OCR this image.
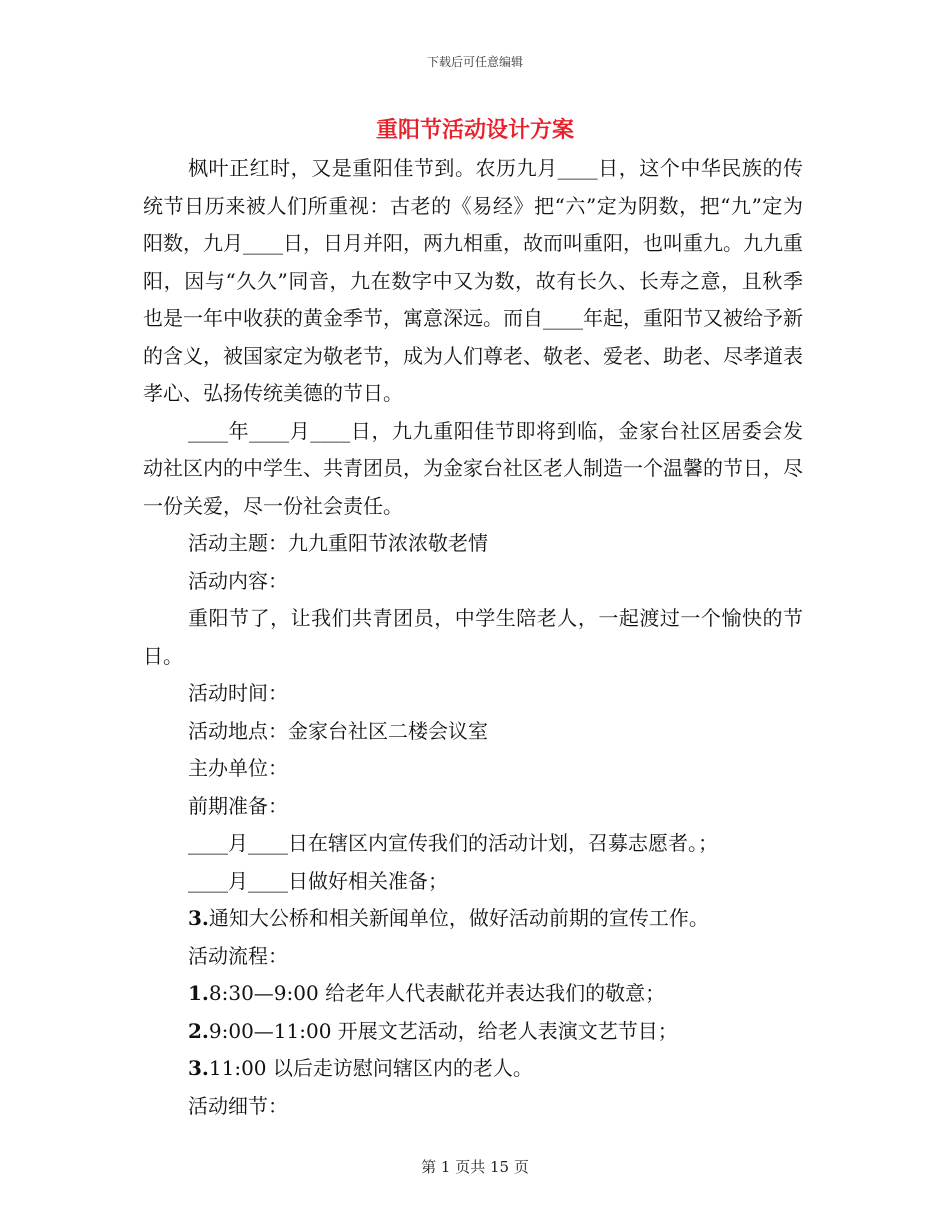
下载后可任意编辑
重阳节活动设计方案

枫叶正红时，又是重阳佳节到。农历九月____日，这个中华民族的传统节日历来被人们所重视：古老的《易经》把“六”定为阴数，把“九”定为阳数，九月____日，日月并阳，两九相重，故而叫重阳，也叫重九。九九重阳，因与“久久”同音，九在数字中又为数，故有长久、长寿之意，且秋季也是一年中收获的黄金季节，寓意深远。而自____年起，重阳节又被给予新的含义，被国家定为敬老节，成为人们尊老、敬老、爱老、助老、尽孝道表孝心、弘扬传统美德的节日。

____年____月____日，九九重阳佳节即将到临，金家台社区居委会发动社区内的中学生、共青团员，为金家台社区老人制造一个温馨的节日，尽一份关爱，尽一份社会责任。

活动主题：九九重阳节浓浓敬老情

活动内容：

重阳节了，让我们共青团员，中学生陪老人，一起渡过一个愉快的节日。

活动时间：

活动地点：金家台社区二楼会议室

主办单位：

前期准备：

____月____日在辖区内宣传我们的活动计划，召募志愿者。；

____月____日做好相关准备；

3.通知大公桥和相关新闻单位，做好活动前期的宣传工作。

活动流程：

1.8:30—9:00 给老年人代表献花并表达我们的敬意；

2.9:00—11:00 开展文艺活动，给老人表演文艺节目；

3.11:00 以后走访慰问辖区内的老人。

活动细节：

第 1 页共 15 页
